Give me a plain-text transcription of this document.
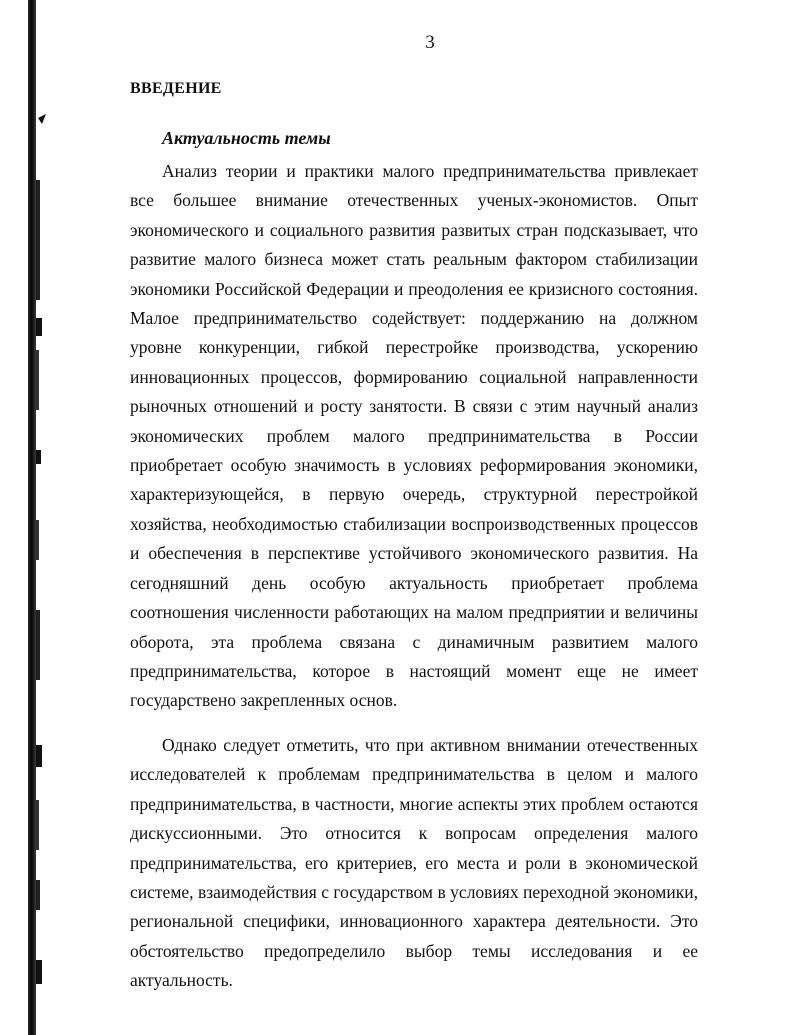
3
ВВЕДЕНИЕ
Актуальность темы

Анализ теории и практики малого предпринимательства привлекает все большее внимание отечественных ученых-экономистов. Опыт экономического и социального развития развитых стран подсказывает, что развитие малого бизнеса может стать реальным фактором стабилизации экономики Российской Федерации и преодоления ее кризисного состояния. Малое предпринимательство содействует: поддержанию на должном уровне конкуренции, гибкой перестройке производства, ускорению инновационных процессов, формированию социальной направленности рыночных отношений и росту занятости. В связи с этим научный анализ экономических проблем малого предпринимательства в России приобретает особую значимость в условиях реформирования экономики, характеризующейся, в первую очередь, структурной перестройкой хозяйства, необходимостью стабилизации воспроизводственных процессов и обеспечения в перспективе устойчивого экономического развития. На сегодняшний день особую актуальность приобретает проблема соотношения численности работающих на малом предприятии и величины оборота, эта проблема связана с динамичным развитием малого предпринимательства, которое в настоящий момент еще не имеет государствено закрепленных основ.

Однако следует отметить, что при активном внимании отечественных исследователей к проблемам предпринимательства в целом и малого предпринимательства, в частности, многие аспекты этих проблем остаются дискуссионными. Это относится к вопросам определения малого предпринимательства, его критериев, его места и роли в экономической системе, взаимодействия с государством в условиях переходной экономики, региональной специфики, инновационного характера деятельности. Это обстоятельство предопределило выбор темы исследования и ее актуальность.
